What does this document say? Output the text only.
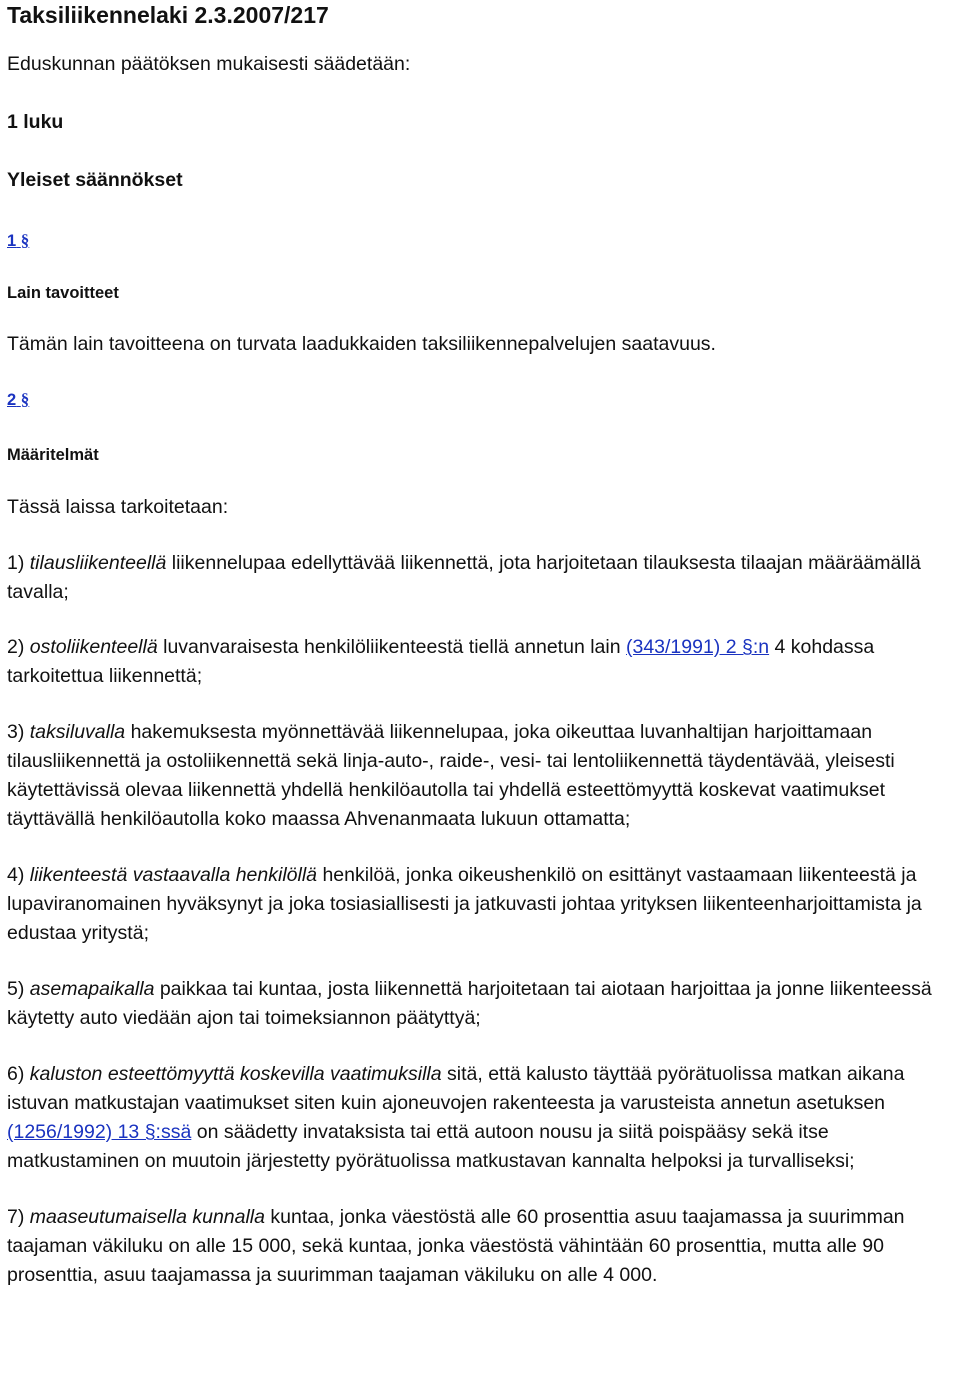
Taksiliikennelaki 2.3.2007/217

Eduskunnan päätöksen mukaisesti säädetään:

1 luku

Yleiset säännökset

1 §

Lain tavoitteet

Tämän lain tavoitteena on turvata laadukkaiden taksiliikennepalvelujen saatavuus.

2 §

Määritelmät

Tässä laissa tarkoitetaan:

1) tilausliikenteellä liikennelupaa edellyttävää liikennettä, jota harjoitetaan tilauksesta tilaajan määräämällä tavalla;

2) ostoliikenteellä luvanvaraisesta henkilöliikenteestä tiellä annetun lain (343/1991) 2 §:n 4 kohdassa tarkoitettua liikennettä;

3) taksiluvalla hakemuksesta myönnettävää liikennelupaa, joka oikeuttaa luvanhaltijan harjoittamaan tilausliikennettä ja ostoliikennettä sekä linja-auto-, raide-, vesi- tai lentoliikennettä täydentävää, yleisesti käytettävissä olevaa liikennettä yhdellä henkilöautolla tai yhdellä esteettömyyttä koskevat vaatimukset täyttävällä henkilöautolla koko maassa Ahvenanmaata lukuun ottamatta;

4) liikenteestä vastaavalla henkilöllä henkilöä, jonka oikeushenkilö on esittänyt vastaamaan liikenteestä ja lupaviranomainen hyväksynyt ja joka tosiasiallisesti ja jatkuvasti johtaa yrityksen liikenteenharjoittamista ja edustaa yritystä;

5) asemapaikalla paikkaa tai kuntaa, josta liikennettä harjoitetaan tai aiotaan harjoittaa ja jonne liikenteessä käytetty auto viedään ajon tai toimeksiannon päätyttyä;

6) kaluston esteettömyyttä koskevilla vaatimuksilla sitä, että kalusto täyttää pyörätuolissa matkan aikana istuvan matkustajan vaatimukset siten kuin ajoneuvojen rakenteesta ja varusteista annetun asetuksen (1256/1992) 13 §:ssä on säädetty invataksista tai että autoon nousu ja siitä poispääsy sekä itse matkustaminen on muutoin järjestetty pyörätuolissa matkustavan kannalta helpoksi ja turvalliseksi;

7) maaseutumaisella kunnalla kuntaa, jonka väestöstä alle 60 prosenttia asuu taajamassa ja suurimman taajaman väkiluku on alle 15 000, sekä kuntaa, jonka väestöstä vähintään 60 prosenttia, mutta alle 90 prosenttia, asuu taajamassa ja suurimman taajaman väkiluku on alle 4 000.
